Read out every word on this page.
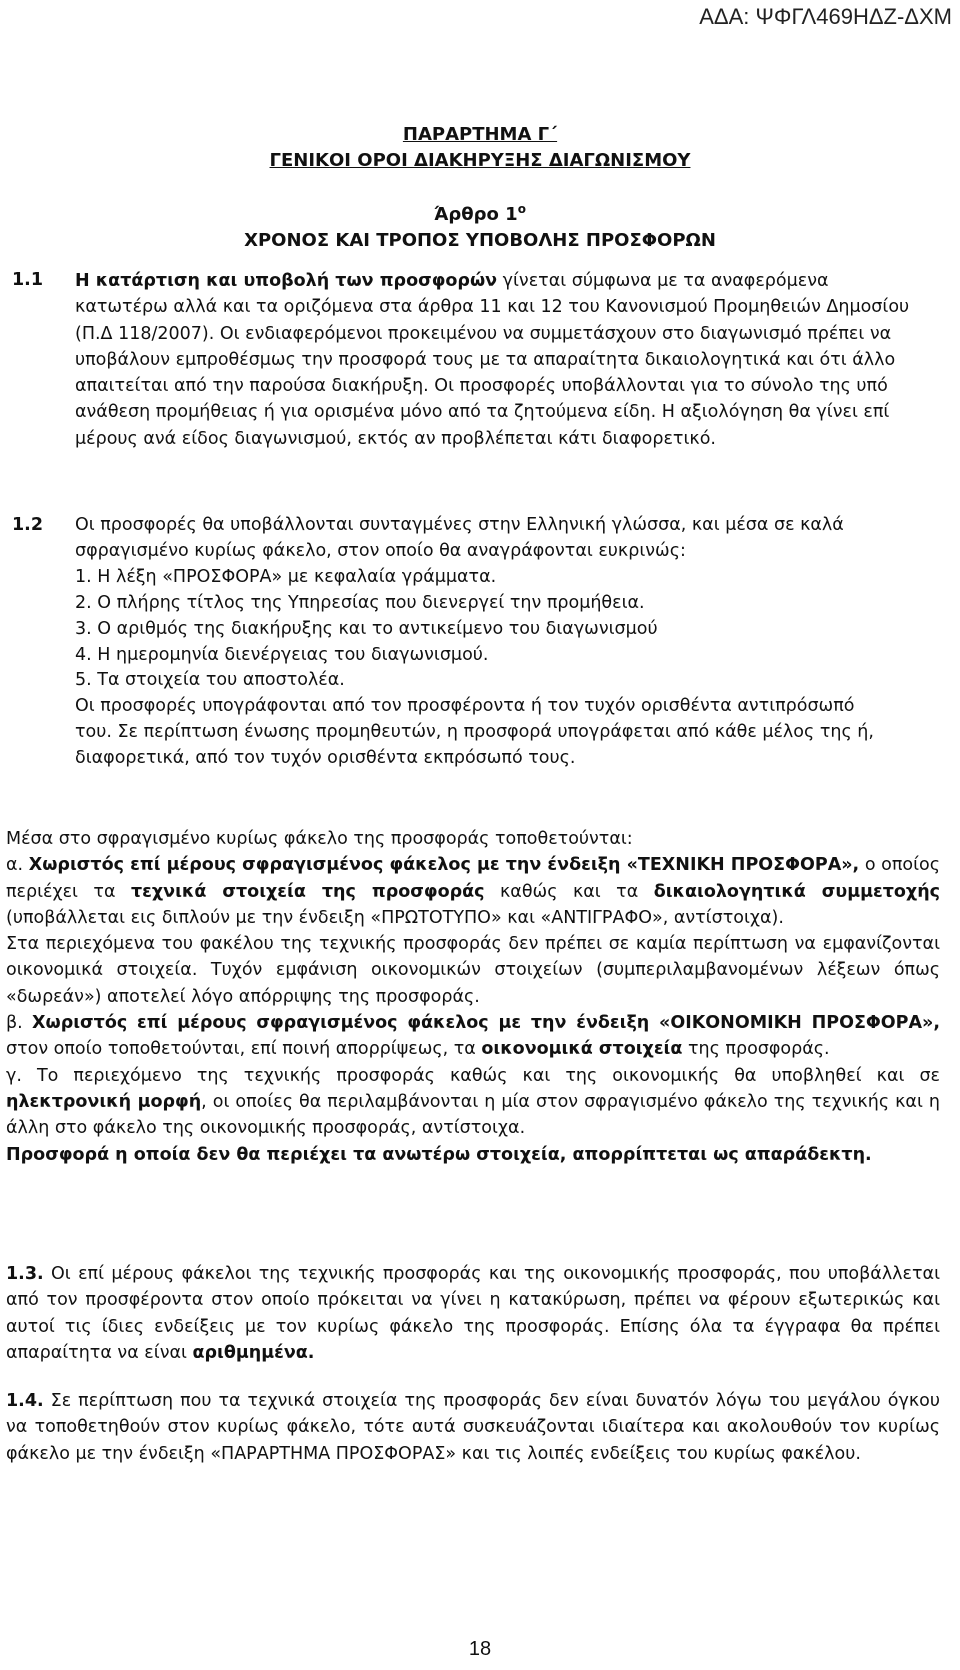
ΑΔΑ: ΨΦΓΛ469ΗΔΖ-ΔΧΜ
ΠΑΡΑΡΤΗΜΑ Γ΄
ΓΕΝΙΚΟΙ ΟΡΟΙ ΔΙΑΚΗΡΥΞΗΣ ΔΙΑΓΩΝΙΣΜΟΥ
Άρθρο $1^o$
ΧΡΟΝΟΣ ΚΑΙ ΤΡΟΠΟΣ ΥΠΟΒΟΛΗΣ ΠΡΟΣΦΟΡΩΝ
1.1 Η κατάρτιση και υποβολή των προσφορών γίνεται σύμφωνα με τα αναφερόμενα κατωτέρω αλλά και τα οριζόμενα στα άρθρα 11 και 12 του Κανονισμού Προμηθειών Δημοσίου (Π.Δ 118/2007). Οι ενδιαφερόμενοι προκειμένου να συμμετάσχουν στο διαγωνισμό πρέπει να υποβάλουν εμπροθέσμως την προσφορά τους με τα απαραίτητα δικαιολογητικά και ότι άλλο απαιτείται από την παρούσα διακήρυξη. Οι προσφορές υποβάλλονται για το σύνολο της υπό ανάθεση προμήθειας ή για ορισμένα μόνο από τα ζητούμενα είδη. Η αξιολόγηση θα γίνει επί μέρους ανά είδος διαγωνισμού, εκτός αν προβλέπεται κάτι διαφορετικό.
1.2 Οι προσφορές θα υποβάλλονται συνταγμένες στην Ελληνική γλώσσα, και μέσα σε καλά σφραγισμένο κυρίως φάκελο, στον οποίο θα αναγράφονται ευκρινώς:
1. Η λέξη «ΠΡΟΣΦΟΡΑ» με κεφαλαία γράμματα.
2. Ο πλήρης τίτλος της Υπηρεσίας που διενεργεί την προμήθεια.
3. Ο αριθμός της διακήρυξης και το αντικείμενο του διαγωνισμού
4. Η ημερομηνία διενέργειας του διαγωνισμού.
5. Τα στοιχεία του αποστολέα.
Οι προσφορές υπογράφονται από τον προσφέροντα ή τον τυχόν ορισθέντα αντιπρόσωπό του. Σε περίπτωση ένωσης προμηθευτών, η προσφορά υπογράφεται από κάθε μέλος της ή, διαφορετικά, από τον τυχόν ορισθέντα εκπρόσωπό τους.

Μέσα στο σφραγισμένο κυρίως φάκελο της προσφοράς τοποθετούνται:

α. Χωριστός επί μέρους σφραγισμένος φάκελος με την ένδειξη «ΤΕΧΝΙΚΗ ΠΡΟΣΦΟΡΑ», ο οποίος περιέχει τα τεχνικά στοιχεία της προσφοράς καθώς και τα δικαιολογητικά συμμετοχής (υποβάλλεται εις διπλούν με την ένδειξη «ΠΡΩΤΟΤΥΠΟ» και «ΑΝΤΙΓΡΑΦΟ», αντίστοιχα).

Στα περιεχόμενα του φακέλου της τεχνικής προσφοράς δεν πρέπει σε καμία περίπτωση να εμφανίζονται οικονομικά στοιχεία. Τυχόν εμφάνιση οικονομικών στοιχείων (συμπεριλαμβανομένων λέξεων όπως «δωρεάν») αποτελεί λόγο απόρριψης της προσφοράς.

β. Χωριστός επί μέρους σφραγισμένος φάκελος με την ένδειξη «ΟΙΚΟΝΟΜΙΚΗ ΠΡΟΣΦΟΡΑ», στον οποίο τοποθετούνται, επί ποινή απορρίψεως, τα οικονομικά στοιχεία της προσφοράς.

γ. Το περιεχόμενο της τεχνικής προσφοράς καθώς και της οικονομικής θα υποβληθεί και σε ηλεκτρονική μορφή, οι οποίες θα περιλαμβάνονται η μία στον σφραγισμένο φάκελο της τεχνικής και η άλλη στο φάκελο της οικονομικής προσφοράς, αντίστοιχα.

Προσφορά η οποία δεν θα περιέχει τα ανωτέρω στοιχεία, απορρίπτεται ως απαράδεκτη.

1.3. Οι επί μέρους φάκελοι της τεχνικής προσφοράς και της οικονομικής προσφοράς, που υποβάλλεται από τον προσφέροντα στον οποίο πρόκειται να γίνει η κατακύρωση, πρέπει να φέρουν εξωτερικώς και αυτοί τις ίδιες ενδείξεις με τον κυρίως φάκελο της προσφοράς. Επίσης όλα τα έγγραφα θα πρέπει απαραίτητα να είναι αριθμημένα.

1.4. Σε περίπτωση που τα τεχνικά στοιχεία της προσφοράς δεν είναι δυνατόν λόγω του μεγάλου όγκου να τοποθετηθούν στον κυρίως φάκελο, τότε αυτά συσκευάζονται ιδιαίτερα και ακολουθούν τον κυρίως φάκελο με την ένδειξη «ΠΑΡΑΡΤΗΜΑ ΠΡΟΣΦΟΡΑΣ» και τις λοιπές ενδείξεις του κυρίως φακέλου.

18
